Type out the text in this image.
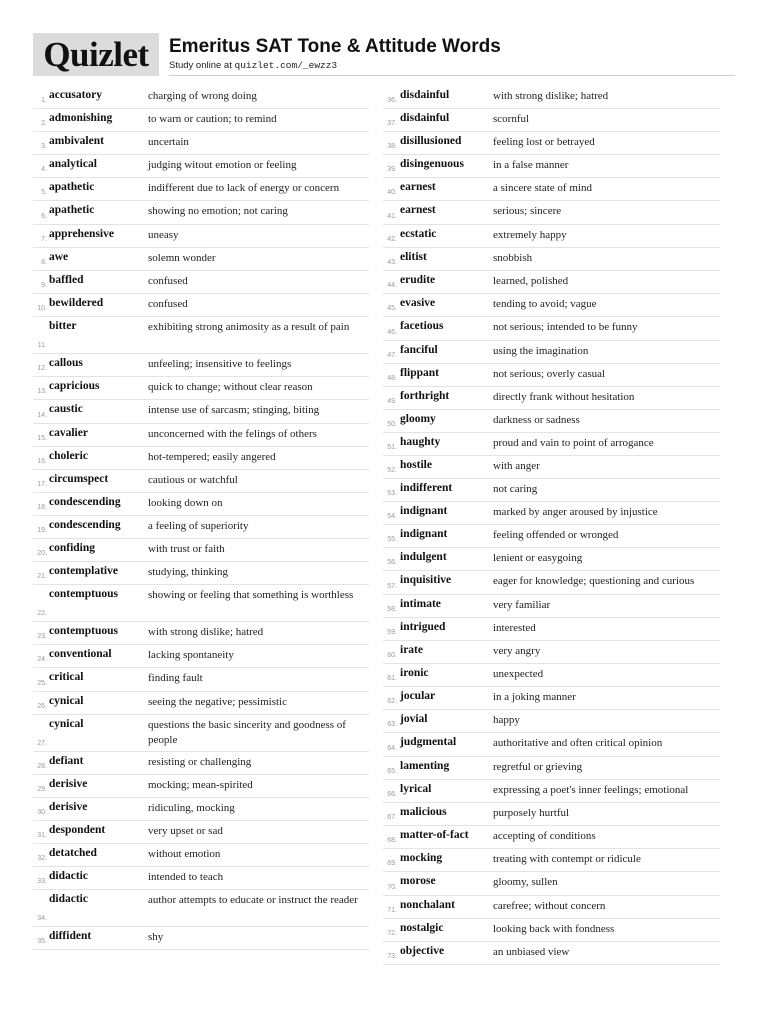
Quizlet Emeritus SAT Tone & Attitude Words
Study online at quizlet.com/_ewzz3
1. accusatory	charging of wrong doing
2. admonishing	to warn or caution; to remind
3. ambivalent	uncertain
4. analytical	judging witout emotion or feeling
5. apathetic	indifferent due to lack of energy or concern
6.
apathetic	showing no emotion; not caring
7. apprehensive	uneasy
8. awe	solemn wonder
9. baffled	confused
10. bewildered	confused
11.
bitter	exhibiting strong animosity as a result of pain
12. callous	unfeeling; insensitive to feelings
13. capricious	quick to change; without clear reason
14.
caustic	intense use of sarcasm; stinging, biting
15. cavalier	unconcerned with the felings of others
16. choleric	hot-tempered; easily angered
17. circumspect	cautious or watchful
18. condescending looking down on
19. condescending a feeling of superiority
20. confiding	with trust or faith
21. contemplative	studying, thinking
22.
contemptuous	showing or feeling that something is worthless
23. contemptuous	with strong dislike; hatred
24. conventional	lacking spontaneity
25.
critical	finding fault
26. cynical	seeing the negative; pessimistic
27.
cynical	questions the basic sincerity and goodness of people
28. defiant	resisting or challenging
29. derisive	mocking; mean-spirited
30. derisive	ridiculing, mocking
31. despondent	very upset or sad
32. detatched	without emotion
33. didactic	intended to teach
34.
didactic	author attempts to educate or instruct the reader
35. diffident	shy
36. disdainful	with strong dislike; hatred
37. disdainful	scornful
38. disillusioned	feeling lost or betrayed
39. disingenuous	in a false manner
40. earnest	a sincere state of mind
41.
earnest	serious; sincere
42. ecstatic	extremely happy
43. elitist	snobbish
44. erudite	learned, polished
45. evasive	tending to avoid; vague
46.
facetious	not serious; intended to be funny
47. fanciful	using the imagination
48. flippant	not serious; overly casual
49. forthright	directly frank without hesitation
50. gloomy	darkness or sadness
51. haughty	proud and vain to point of arrogance
52. hostile	with anger
53. indifferent	not caring
54. indignant	marked by anger aroused by injustice
55. indignant	feeling offended or wronged
56. indulgent	lenient or easygoing
57.
inquisitive	eager for knowledge; questioning and curious
58. intimate	very familiar
59. intrigued	interested
60. irate	very angry
61. ironic	unexpected
62. jocular	in a joking manner
63. jovial	happy
64.
judgmental	authoritative and often critical opinion
65. lamenting	regretful or grieving
66. lyrical	expressing a poet's inner feelings; emotional
67. malicious	purposely hurtful
68. matter-of-fact accepting of conditions
69. mocking	treating with contempt or ridicule
70.
morose	gloomy, sullen
71. nonchalant	carefree; without concern
72. nostalgic	looking back with fondness
73. objective	an unbiased view
